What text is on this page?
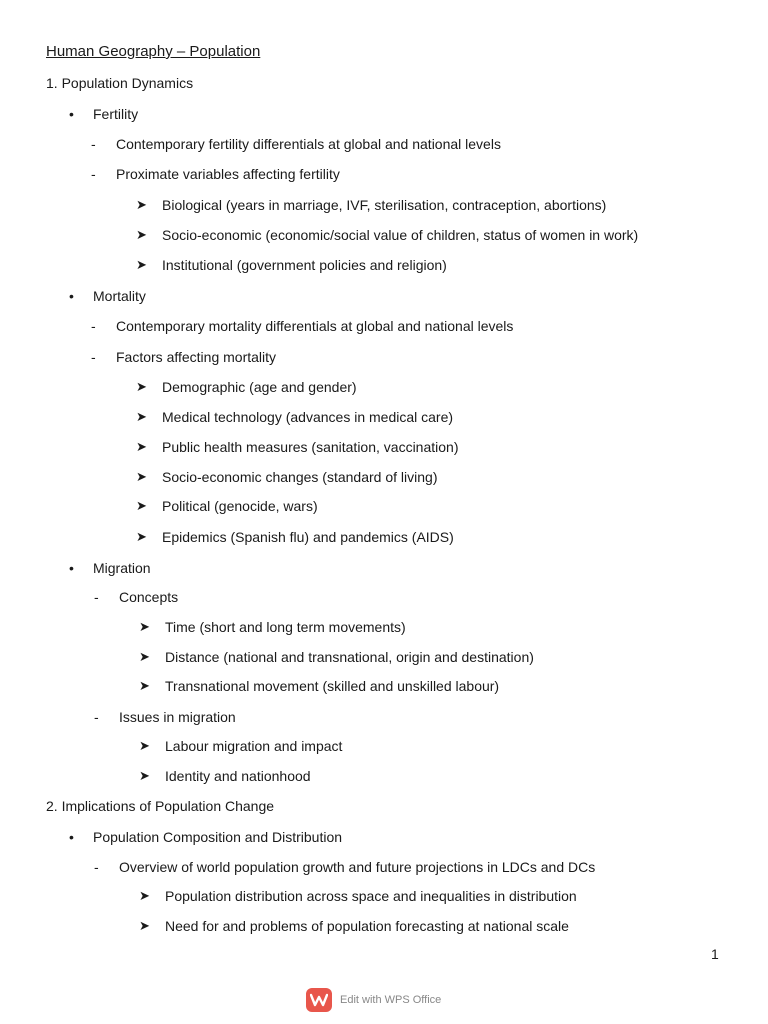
Human Geography – Population
1. Population Dynamics
• Fertility
- Contemporary fertility differentials at global and national levels
- Proximate variables affecting fertility
➤ Biological (years in marriage, IVF, sterilisation, contraception, abortions)
➤ Socio-economic (economic/social value of children, status of women in work)
➤ Institutional (government policies and religion)
• Mortality
- Contemporary mortality differentials at global and national levels
- Factors affecting mortality
➤ Demographic (age and gender)
➤ Medical technology (advances in medical care)
➤ Public health measures (sanitation, vaccination)
➤ Socio-economic changes (standard of living)
➤ Political (genocide, wars)
➤ Epidemics (Spanish flu) and pandemics (AIDS)
• Migration
- Concepts
➤ Time (short and long term movements)
➤ Distance (national and transnational, origin and destination)
➤ Transnational movement (skilled and unskilled labour)
- Issues in migration
➤ Labour migration and impact
➤ Identity and nationhood
2. Implications of Population Change
• Population Composition and Distribution
- Overview of world population growth and future projections in LDCs and DCs
➤ Population distribution across space and inequalities in distribution
➤ Need for and problems of population forecasting at national scale
1
Edit with WPS Office
